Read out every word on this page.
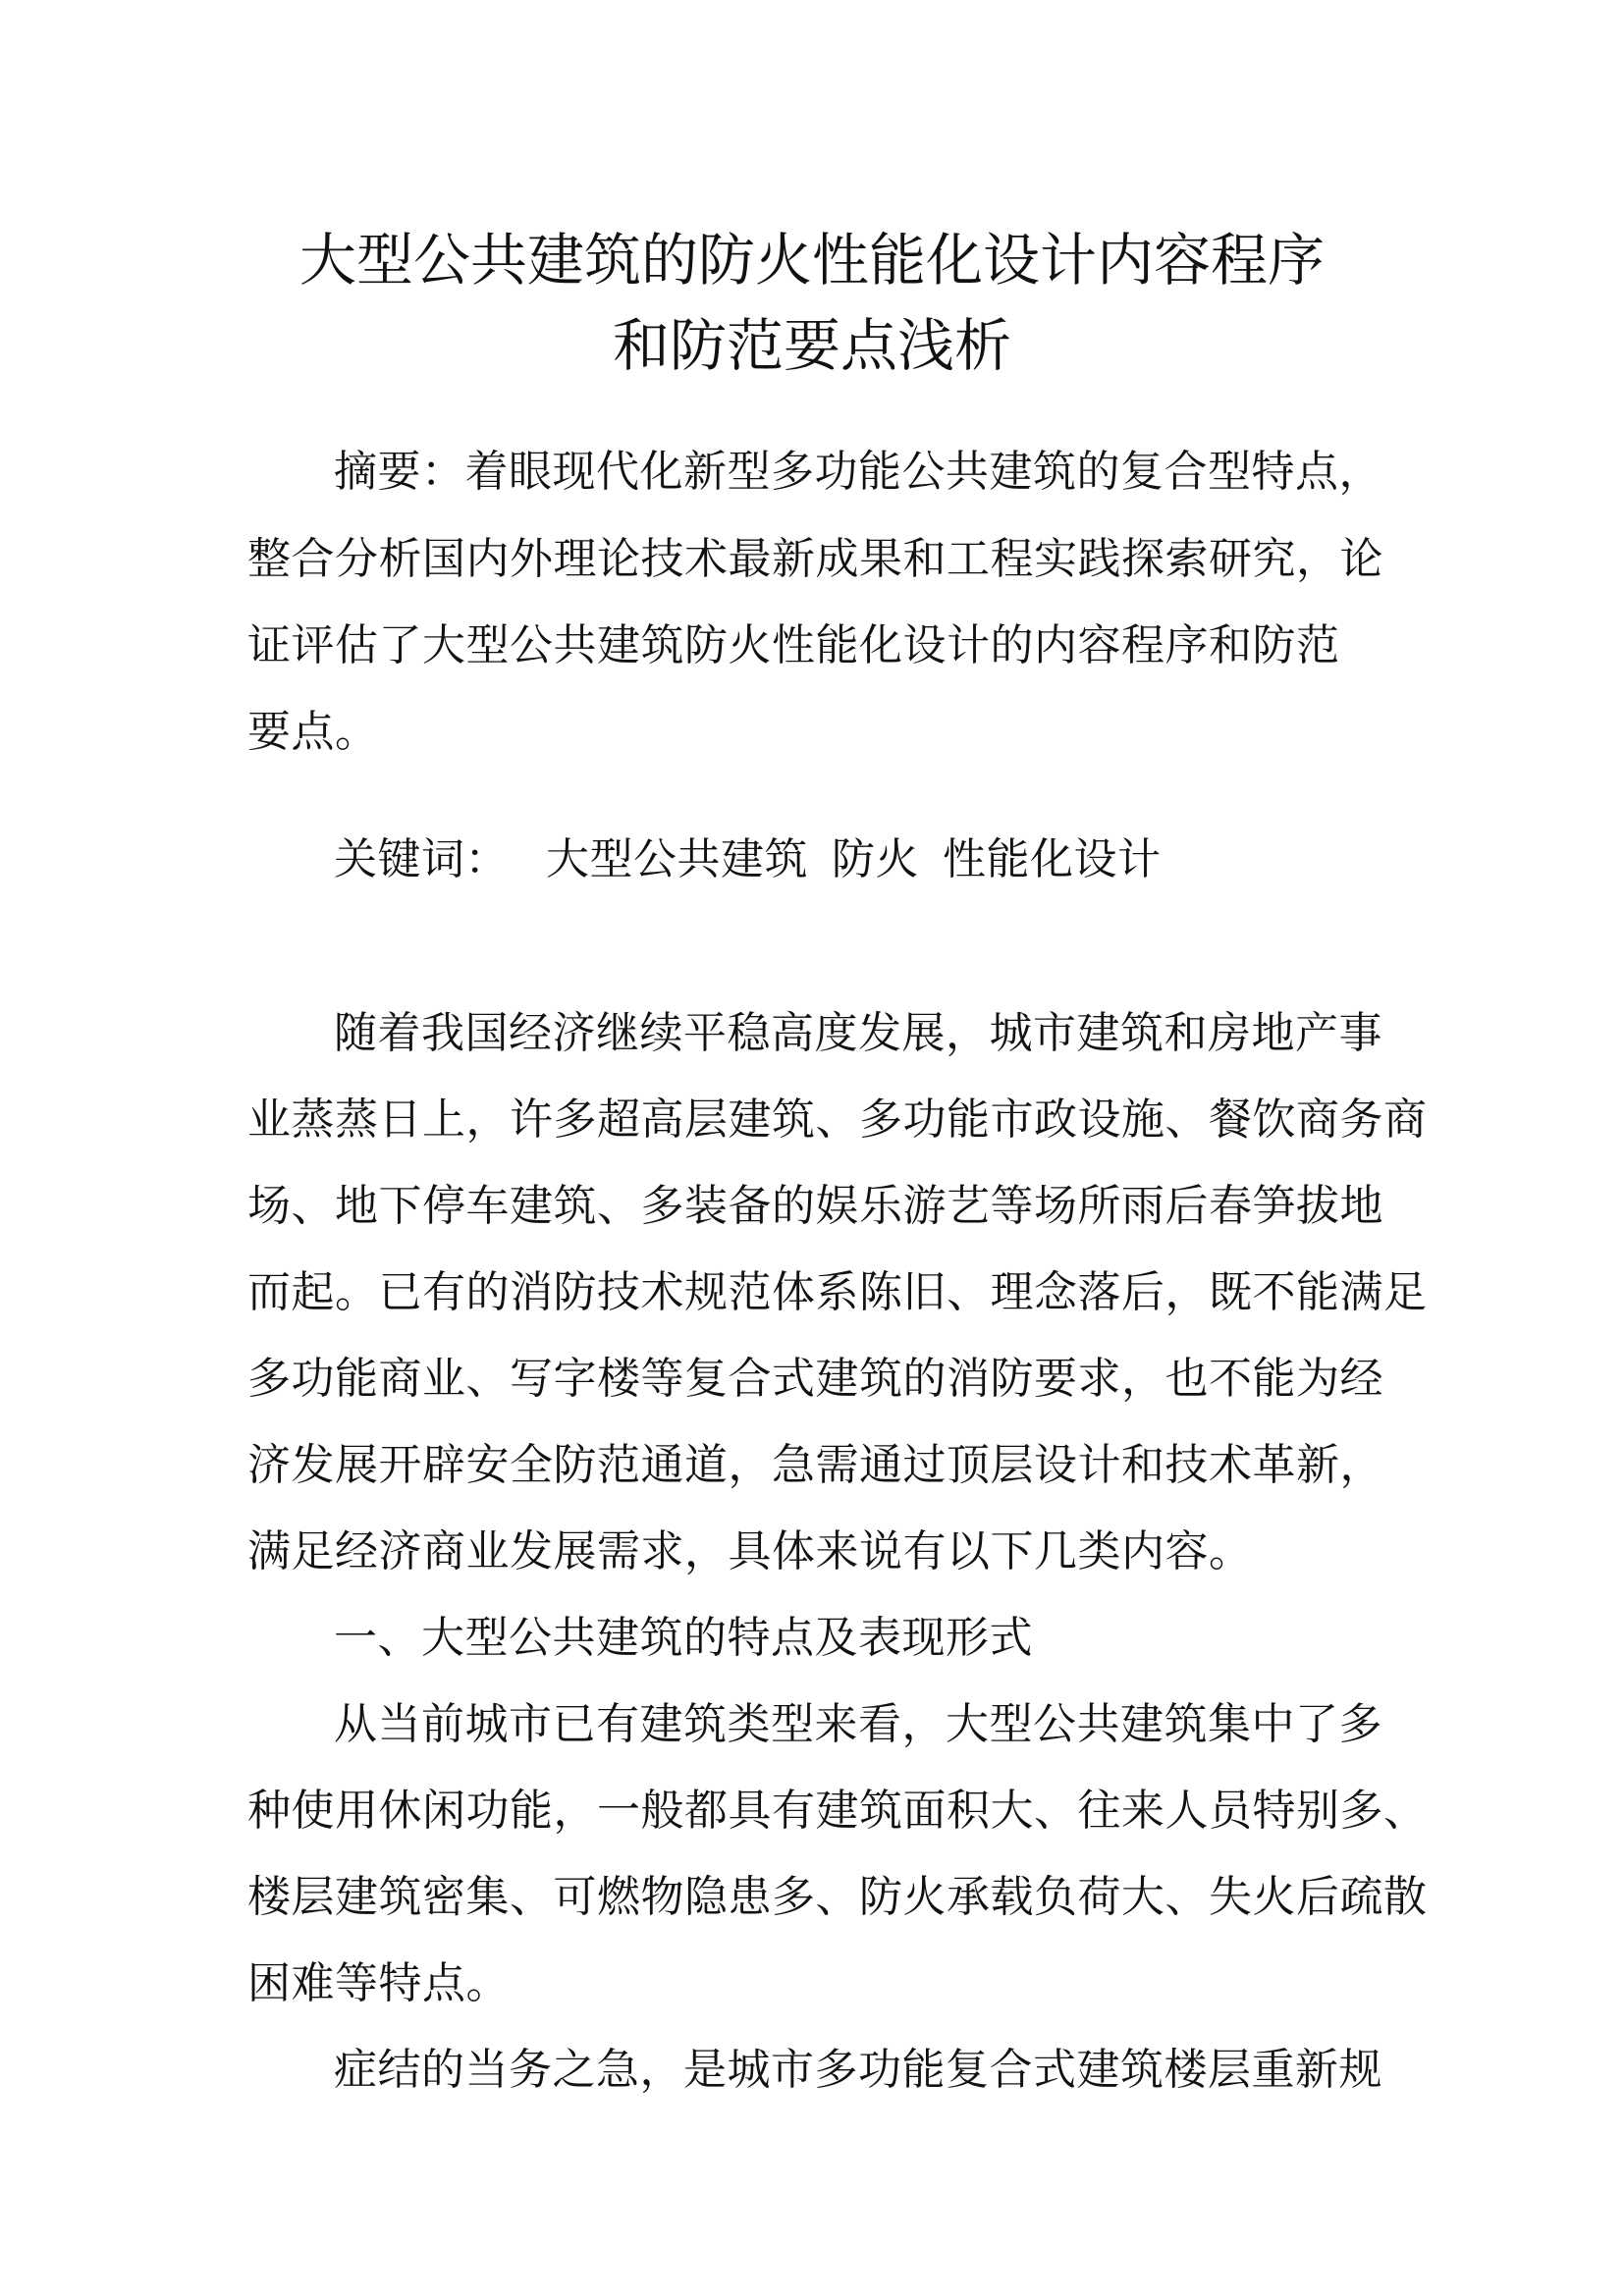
大型公共建筑的防火性能化设计内容程序
和防范要点浅析
摘要：着眼现代化新型多功能公共建筑的复合型特点，
整合分析国内外理论技术最新成果和工程实践探索研究，论
证评估了大型公共建筑防火性能化设计的内容程序和防范
要点。
关键词： 大型公共建筑 防火 性能化设计
随着我国经济继续平稳高度发展，城市建筑和房地产事
业蒸蒸日上，许多超高层建筑、多功能市政设施、餐饮商务商
场、地下停车建筑、多装备的娱乐游艺等场所雨后春笋拔地
而起。已有的消防技术规范体系陈旧、理念落后，既不能满足
多功能商业、写字楼等复合式建筑的消防要求，也不能为经
济发展开辟安全防范通道，急需通过顶层设计和技术革新，
满足经济商业发展需求，具体来说有以下几类内容。
一、大型公共建筑的特点及表现形式
从当前城市已有建筑类型来看，大型公共建筑集中了多
种使用休闲功能，一般都具有建筑面积大、往来人员特别多、
楼层建筑密集、可燃物隐患多、防火承载负荷大、失火后疏散
困难等特点。
症结的当务之急，是城市多功能复合式建筑楼层重新规
